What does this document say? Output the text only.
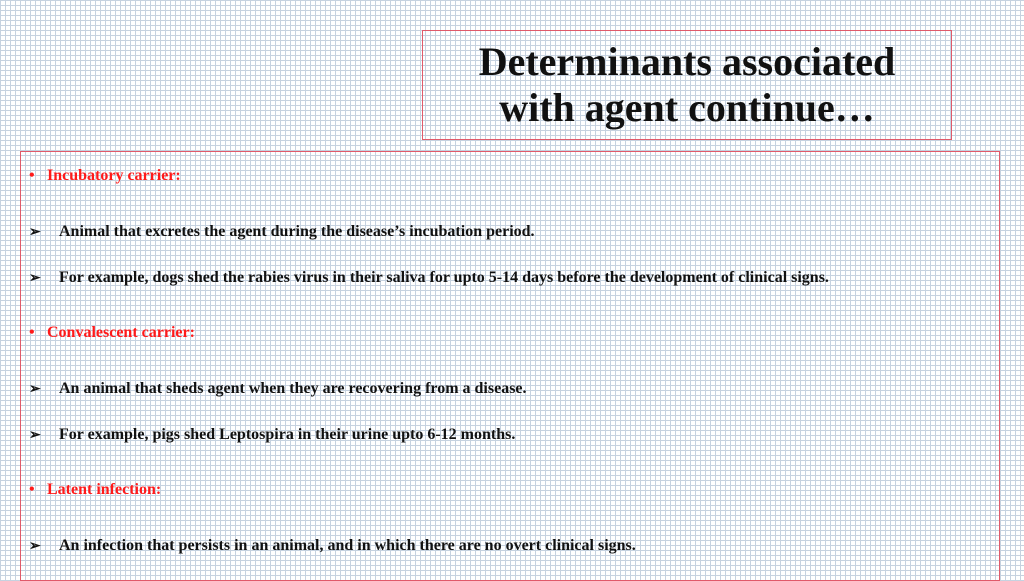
Determinants associated
with agent continue…
• Incubatory carrier:
➢ Animal that excretes the agent during the disease’s incubation period.
➢ For example, dogs shed the rabies virus in their saliva for upto 5-14 days before the development of clinical signs.
• Convalescent carrier:
➢ An animal that sheds agent when they are recovering from a disease.
➢ For example, pigs shed Leptospira in their urine upto 6-12 months.
• Latent infection:
➢ An infection that persists in an animal, and in which there are no overt clinical signs.
